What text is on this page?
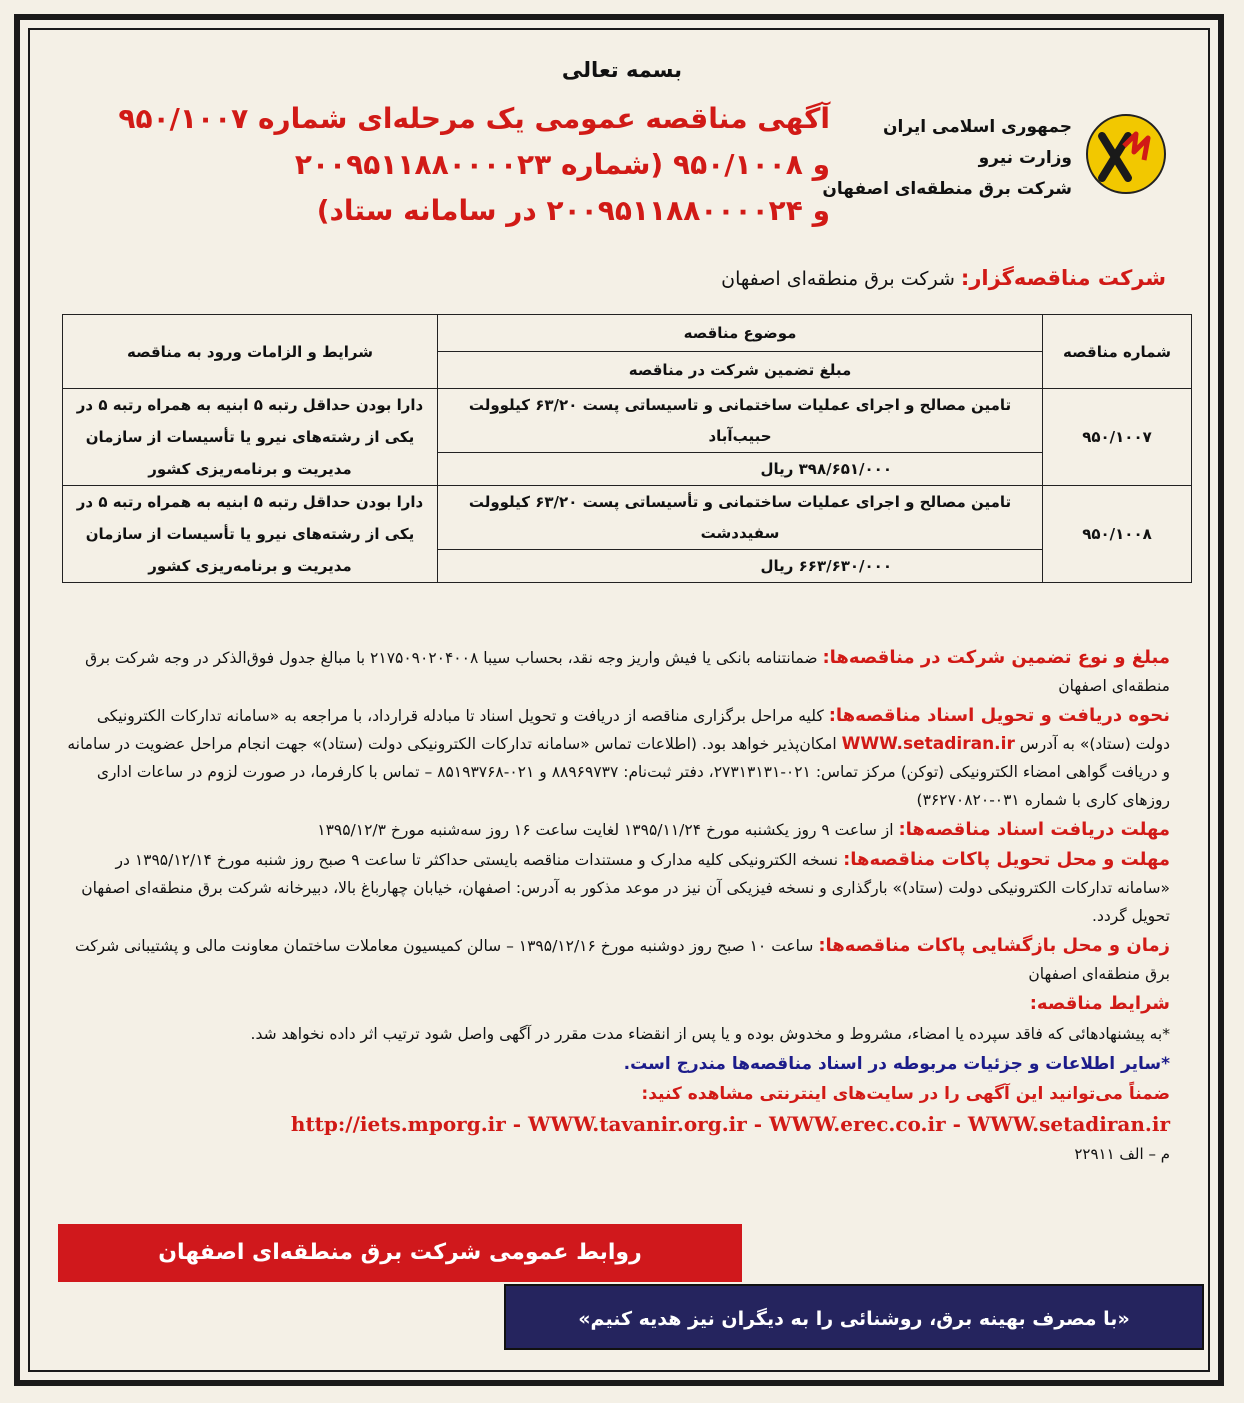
بسمه تعالی
جمهوری اسلامی ایران
وزارت نیرو
شرکت برق منطقه‌ای اصفهان
آگهی مناقصه عمومی یک مرحله‌ای شماره ۹۵۰/۱۰۰۷
و ۹۵۰/۱۰۰۸ (شماره ۲۰۰۹۵۱۱۸۸۰۰۰۰۲۳
و ۲۰۰۹۵۱۱۸۸۰۰۰۰۲۴ در سامانه ستاد)
شرکت مناقصه‌گزار: شرکت برق منطقه‌ای اصفهان
شماره مناقصه	موضوع مناقصه	شرایط و الزامات ورود به مناقصه
	مبلغ تضمین شرکت در مناقصه	
۹۵۰/۱۰۰۷	تامین مصالح و اجرای عملیات ساختمانی و تاسیساتی پست ۶۳/۲۰ کیلوولت حبیب‌آباد	دارا بودن حداقل رتبه ۵ ابنیه به همراه رتبه ۵ در یکی از رشته‌های نیرو یا تأسیسات از سازمان مدیریت و برنامه‌ریزی کشور
	۳۹۸/۶۵۱/۰۰۰ ریال	
۹۵۰/۱۰۰۸	تامین مصالح و اجرای عملیات ساختمانی و تأسیساتی پست ۶۳/۲۰ کیلوولت سفیددشت	دارا بودن حداقل رتبه ۵ ابنیه به همراه رتبه ۵ در یکی از رشته‌های نیرو یا تأسیسات از سازمان مدیریت و برنامه‌ریزی کشور
	۶۶۳/۶۳۰/۰۰۰ ریال	

مبلغ و نوع تضمین شرکت در مناقصه‌ها: ضمانتنامه بانکی یا فیش واریز وجه نقد، بحساب سیبا ۲۱۷۵۰۹۰۲۰۴۰۰۸ با مبالغ جدول فوق‌الذکر در وجه شرکت برق منطقه‌ای اصفهان

نحوه دریافت و تحویل اسناد مناقصه‌ها: کلیه مراحل برگزاری مناقصه از دریافت و تحویل اسناد تا مبادله قرارداد، با مراجعه به «سامانه تدارکات الکترونیکی دولت (ستاد)» به آدرس WWW.setadiran.ir امکان‌پذیر خواهد بود. (اطلاعات تماس «سامانه تدارکات الکترونیکی دولت (ستاد)» جهت انجام مراحل عضویت در سامانه و دریافت گواهی امضاء الکترونیکی (توکن) مرکز تماس: ۰۲۱-۲۷۳۱۳۱۳۱، دفتر ثبت‌نام: ۸۸۹۶۹۷۳۷ و ۰۲۱-۸۵۱۹۳۷۶۸ – تماس با کارفرما، در صورت لزوم در ساعات اداری روزهای کاری با شماره ۰۳۱-۳۶۲۷۰۸۲۰)

مهلت دریافت اسناد مناقصه‌ها: از ساعت ۹ روز یکشنبه مورخ ۱۳۹۵/۱۱/۲۴ لغایت ساعت ۱۶ روز سه‌شنبه مورخ ۱۳۹۵/۱۲/۳

مهلت و محل تحویل پاکات مناقصه‌ها: نسخه الکترونیکی کلیه مدارک و مستندات مناقصه بایستی حداکثر تا ساعت ۹ صبح روز شنبه مورخ ۱۳۹۵/۱۲/۱۴ در «سامانه تدارکات الکترونیکی دولت (ستاد)» بارگذاری و نسخه فیزیکی آن نیز در موعد مذکور به آدرس: اصفهان، خیابان چهارباغ بالا، دبیرخانه شرکت برق منطقه‌ای اصفهان تحویل گردد.

زمان و محل بازگشایی پاکات مناقصه‌ها: ساعت ۱۰ صبح روز دوشنبه مورخ ۱۳۹۵/۱۲/۱۶ – سالن کمیسیون معاملات ساختمان معاونت مالی و پشتیبانی شرکت برق منطقه‌ای اصفهان

شرایط مناقصه:

*به پیشنهادهائی که فاقد سپرده یا امضاء، مشروط و مخدوش بوده و یا پس از انقضاء مدت مقرر در آگهی واصل شود ترتیب اثر داده نخواهد شد.

*سایر اطلاعات و جزئیات مربوطه در اسناد مناقصه‌ها مندرج است.

ضمناً می‌توانید این آگهی را در سایت‌های اینترنتی مشاهده کنید:

http://iets.mporg.ir - WWW.tavanir.org.ir - WWW.erec.co.ir - WWW.setadiran.ir

م – الف ۲۲۹۱۱

روابط عمومی شرکت برق منطقه‌ای اصفهان
«با مصرف بهینه برق، روشنائی را به دیگران نیز هدیه کنیم»
